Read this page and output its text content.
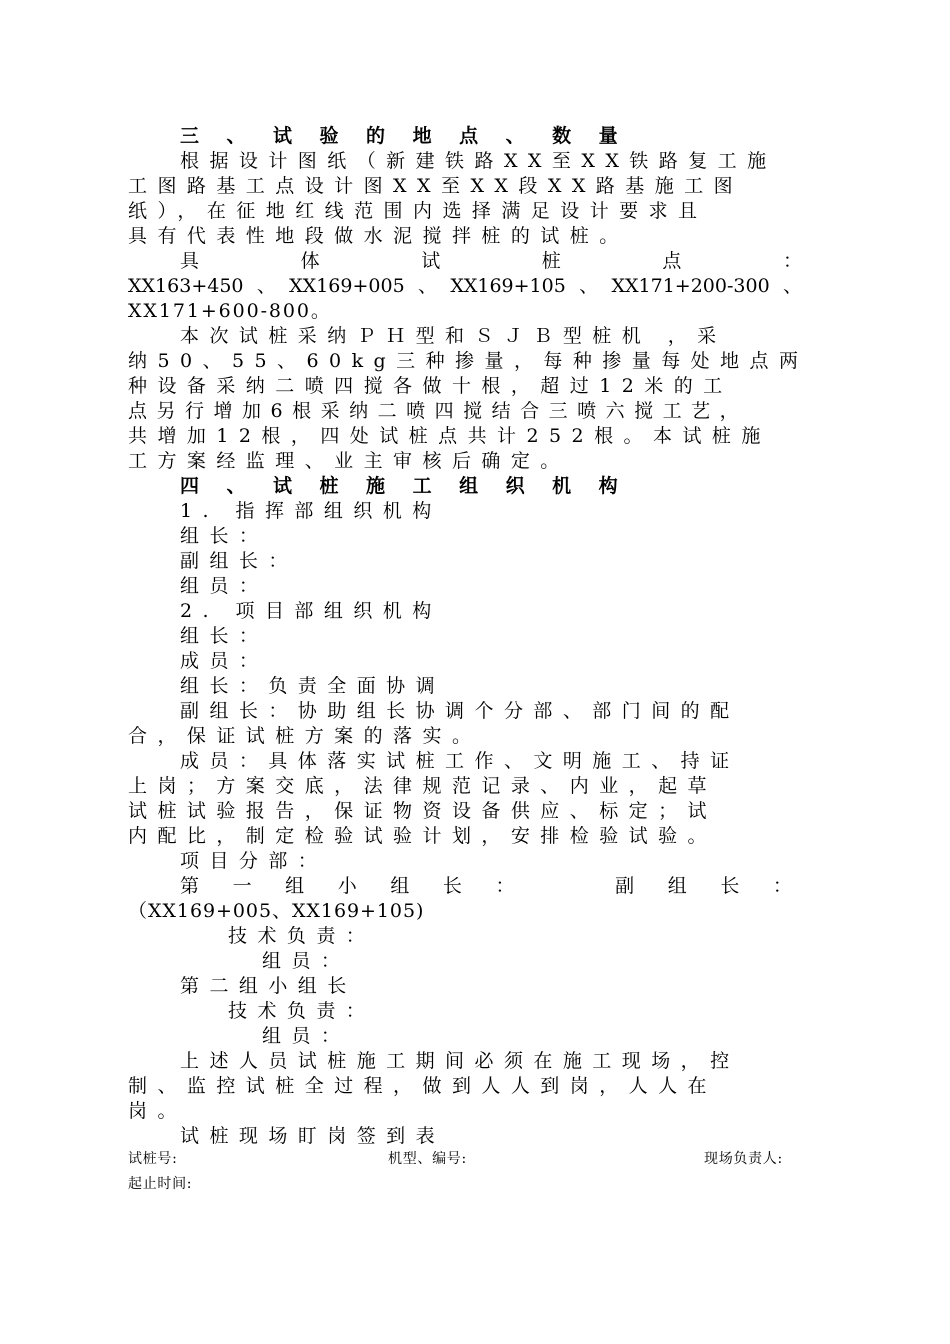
三 、 试 验 的 地 点 、 数 量
根据设计图纸（新建铁路XX至XX铁路复工施
工图路基工点设计图XX至XX段XX路基施工图
纸），在征地红线范围内选择满足设计要求且
具有代表性地段做水泥搅拌桩的试桩。
具	体	试	桩	点	：
XX163+450 、 XX169+005 、 XX169+105 、 XX171+200-300 、
XX171+600-800。
本次试桩采纳ＰＨ型和ＳＪＢ型桩机 ，采
纳50、55、60kg三种掺量，每种掺量每处地点两
种设备采纳二喷四搅各做十根，超过12米的工
点另行增加6根采纳二喷四搅结合三喷六搅工艺，
共增加12根，四处试桩点共计252根。本试桩施
工方案经监理、业主审核后确定。
四 、 试 桩 施 工 组 织 机 构
1. 指挥部组织机构
组长：
副组长：
组员：
2. 项目部组织机构
组长：
成员：
组长：负责全面协调
副组长：协助组长协调个分部、部门间的配
合，保证试桩方案的落实。
成员：具体落实试桩工作、文明施工、持证
上岗；方案交底，法律规范记录、内业，起草
试桩试验报告，保证物资设备供应、标定；试
内配比，制定检验试验计划，安排检验试验。
项目分部：
第 一 组 小 组 长 ：	副 组 长 ：
（XX169+005、XX169+105)
技术负责：
组员：
第二组小组长
技术负责：
组员：
上述人员试桩施工期间必须在施工现场，控
制、监控试桩全过程，做到人人到岗，人人在
岗。
试桩现场盯岗签到表
试桩号:	机型、编号:	现场负责人:
起止时间:
